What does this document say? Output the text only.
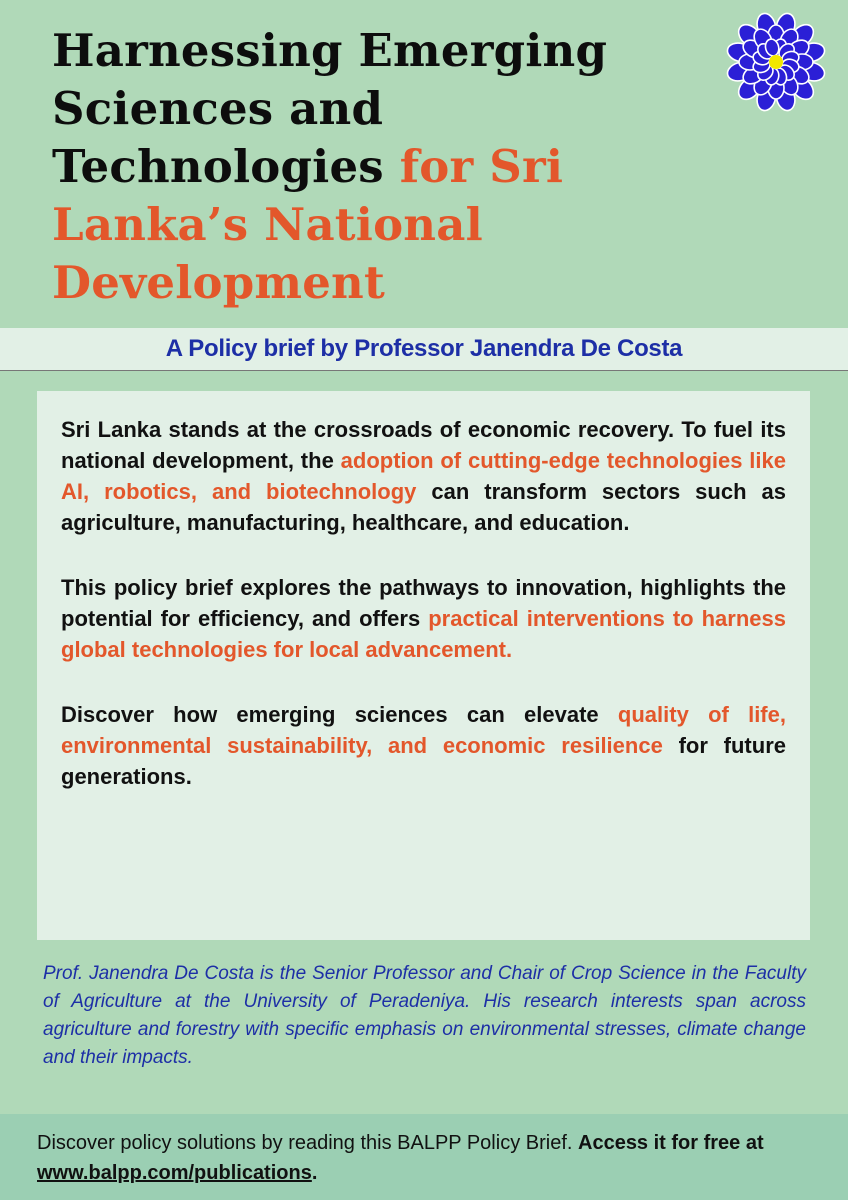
Harnessing Emerging Sciences and Technologies for Sri Lanka’s National Development
A Policy brief by Professor Janendra De Costa

Sri Lanka stands at the crossroads of economic recovery. To fuel its national development, the adoption of cutting-edge technologies like AI, robotics, and biotechnology can transform sectors such as agriculture, manufacturing, healthcare, and education.

This policy brief explores the pathways to innovation, highlights the potential for efficiency, and offers practical interventions to harness global technologies for local advancement.

Discover how emerging sciences can elevate quality of life, environmental sustainability, and economic resilience for future generations.

Prof. Janendra De Costa is the Senior Professor and Chair of Crop Science in the Faculty of Agriculture at the University of Peradeniya. His research interests span across agriculture and forestry with specific emphasis on environmental stresses, climate change and their impacts.

Discover policy solutions by reading this BALPP Policy Brief. Access it for free at www.balpp.com/publications.
